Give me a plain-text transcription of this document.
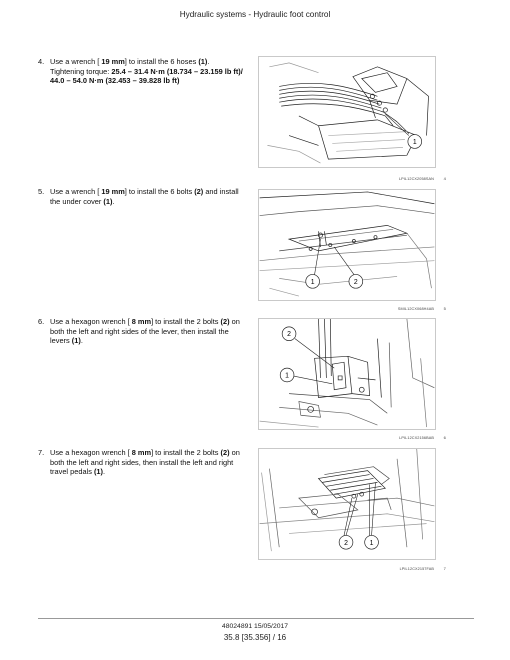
Hydraulic systems - Hydraulic foot control
4. Use a wrench [ 19 mm] to install the 6 hoses (1).
Tightening torque: 25.4 – 31.4 N·m (18.734 – 23.159 lb ft)/ 44.0 – 54.0 N·m (32.453 – 39.828 lb ft)
1
LPIL12CX2058SAN 4
5. Use a wrench [ 19 mm] to install the 6 bolts (2) and install the under cover (1).
1	2
SMIL12CX068H4AB 5
6. Use a hexagon wrench [ 8 mm] to install the 2 bolts (2) on both the left and right sides of the lever, then install the levers (1).
2
1
LPIL12CX2156BAB 6
7. Use a hexagon wrench [ 8 mm] to install the 2 bolts (2) on both the left and right sides, then install the left and right travel pedals (1).
2	1
LPIL12CX2157FAB 7
48024891 15/05/2017
35.8 [35.356] / 16
